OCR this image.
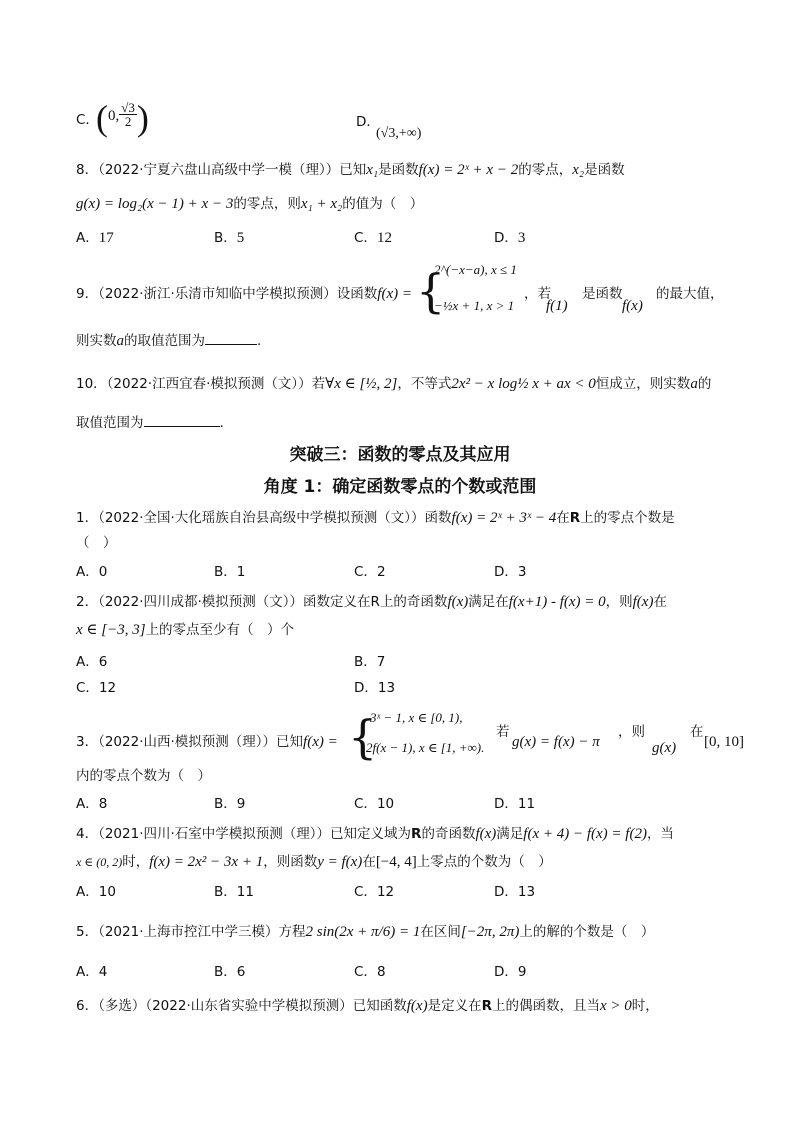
C．
($^{0,} \frac{√3}{2}$ )	D．
(√3,+∞)
8．（2022·宁夏六盘山高级中学一模（理））已知x₁是函数f(x) = 2ˣ + x − 2的零点，x₂是函数
g(x) = log₂(x − 1) + x − 3的零点，则x₁ + x₂的值为（　）
A．17	B．5	C．12	D．3
9．（2022·浙江·乐清市知临中学模拟预测）设函数f(x) = {
2^(−x−a), x ≤ 1
−½x + 1, x > 1
，若
f(1)
是函数
f(x)
的最大值，
则实数a的取值范围为	.
10．（2022·江西宜春·模拟预测（文））若∀x ∈ [½, 2]，不等式2x² − x log½ x + ax < 0恒成立，则实数a的
取值范围为	.
突破三：函数的零点及其应用
角度 1：确定函数零点的个数或范围
1．（2022·全国·大化瑶族自治县高级中学模拟预测（文））函数f(x) = 2ˣ + 3ˣ − 4在R上的零点个数是
（　）
A．0	B．1	C．2	D．3
2．（2022·四川成都·模拟预测（文））函数定义在R上的奇函数f(x)满足在f(x+1) - f(x) = 0，则f(x)在
x ∈ [−3, 3]上的零点至少有（　）个
A．6	B．7
C．12	D．13
3．（2022·山西·模拟预测（理））已知f(x) = {
3ˣ − 1, x ∈ [0, 1),
2f(x − 1), x ∈ [1, +∞).
若
g(x) = f(x) − π
，则
g(x)
在
[0, 10]
内的零点个数为（　）
A．8	B．9	C．10	D．11
4．（2021·四川·石室中学模拟预测（理））已知定义域为R的奇函数f(x)满足f(x + 4) − f(x) = f(2)，当
x ∈ (0, 2)时，f(x) = 2x² − 3x + 1，则函数y = f(x)在[−4, 4]上零点的个数为（　）
A．10	B．11	C．12	D．13
5．（2021·上海市控江中学三模）方程2 sin(2x + π/6) = 1在区间[−2π, 2π)上的解的个数是（　）
A．4	B．6	C．8	D．9
6．（多选）（2022·山东省实验中学模拟预测）已知函数f(x)是定义在R上的偶函数，且当x > 0时，
